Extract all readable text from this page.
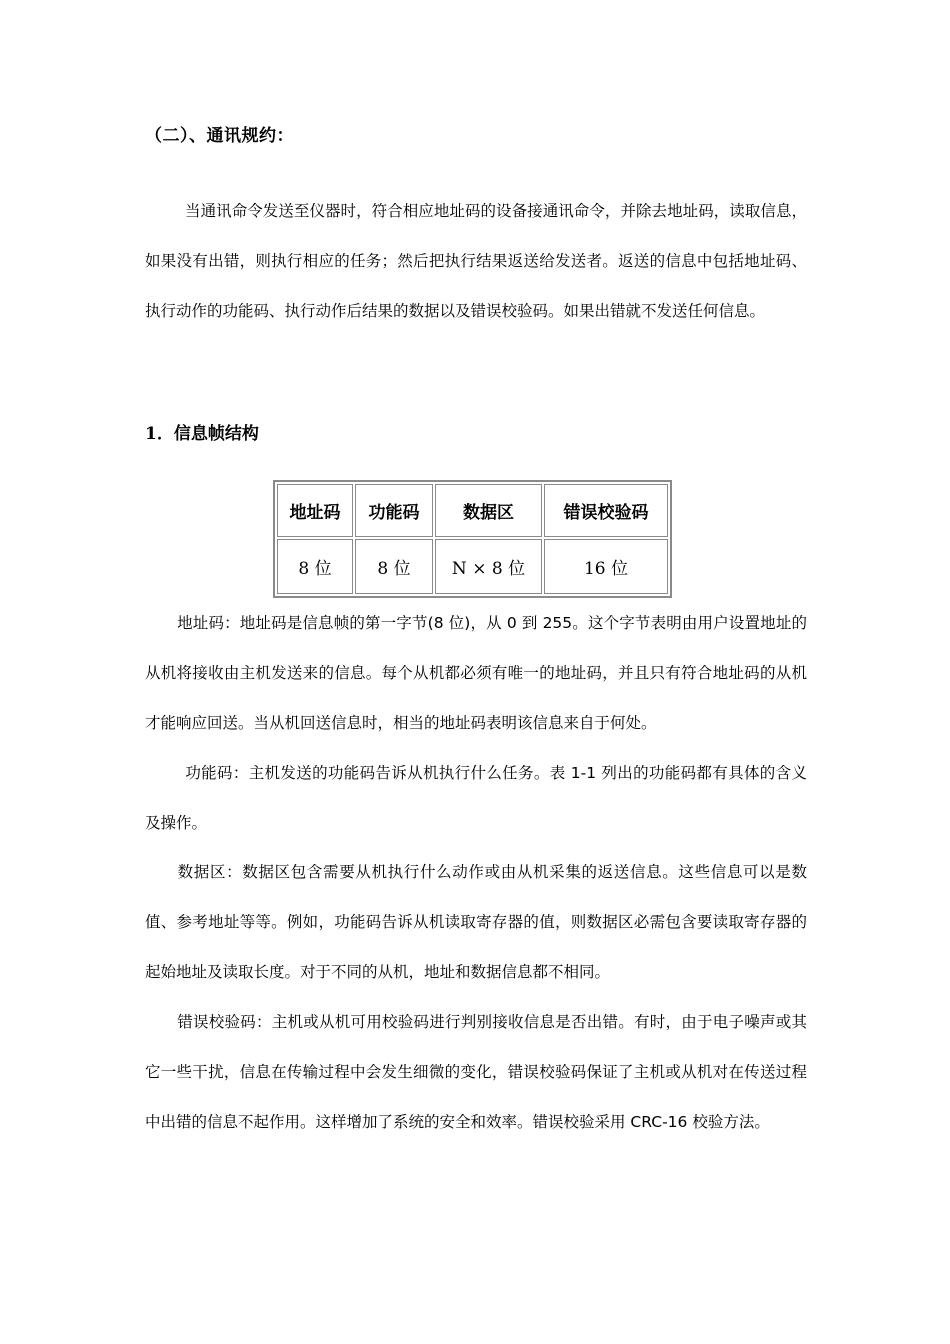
（二）、通讯规约：

当通讯命令发送至仪器时，符合相应地址码的设备接通讯命令，并除去地址码，读取信息，如果没有出错，则执行相应的任务；然后把执行结果返送给发送者。返送的信息中包括地址码、执行动作的功能码、执行动作后结果的数据以及错误校验码。如果出错就不发送任何信息。

1．信息帧结构
地址码	功能码	数据区	错误校验码
8 位	8 位	N × 8 位	16 位

地址码：地址码是信息帧的第一字节(8 位)，从 0 到 255。这个字节表明由用户设置地址的从机将接收由主机发送来的信息。每个从机都必须有唯一的地址码，并且只有符合地址码的从机才能响应回送。当从机回送信息时，相当的地址码表明该信息来自于何处。

功能码：主机发送的功能码告诉从机执行什么任务。表 1-1 列出的功能码都有具体的含义及操作。

数据区：数据区包含需要从机执行什么动作或由从机采集的返送信息。这些信息可以是数值、参考地址等等。例如，功能码告诉从机读取寄存器的值，则数据区必需包含要读取寄存器的起始地址及读取长度。对于不同的从机，地址和数据信息都不相同。

错误校验码：主机或从机可用校验码进行判别接收信息是否出错。有时，由于电子噪声或其它一些干扰，信息在传输过程中会发生细微的变化，错误校验码保证了主机或从机对在传送过程中出错的信息不起作用。这样增加了系统的安全和效率。错误校验采用 CRC-16 校验方法。
